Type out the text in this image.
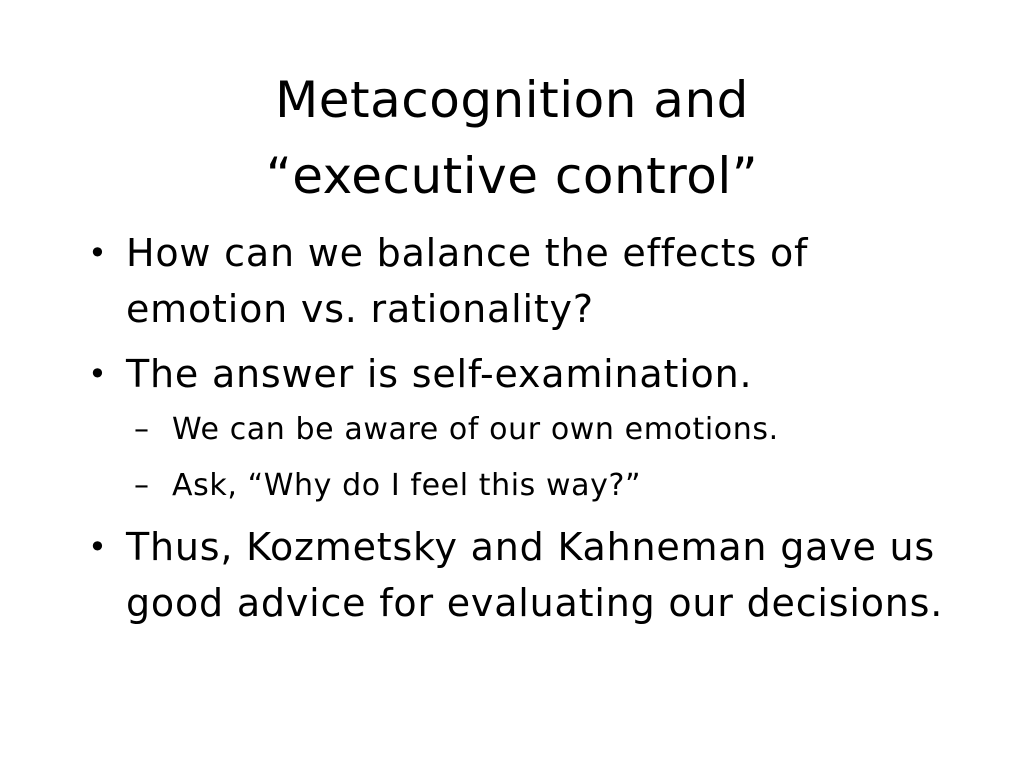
Metacognition and
“executive control”
• How can we balance the effects of emotion vs. rationality?
• The answer is self-examination.
– We can be aware of our own emotions.
– Ask, “Why do I feel this way?”
• Thus, Kozmetsky and Kahneman gave us good advice for evaluating our decisions.
